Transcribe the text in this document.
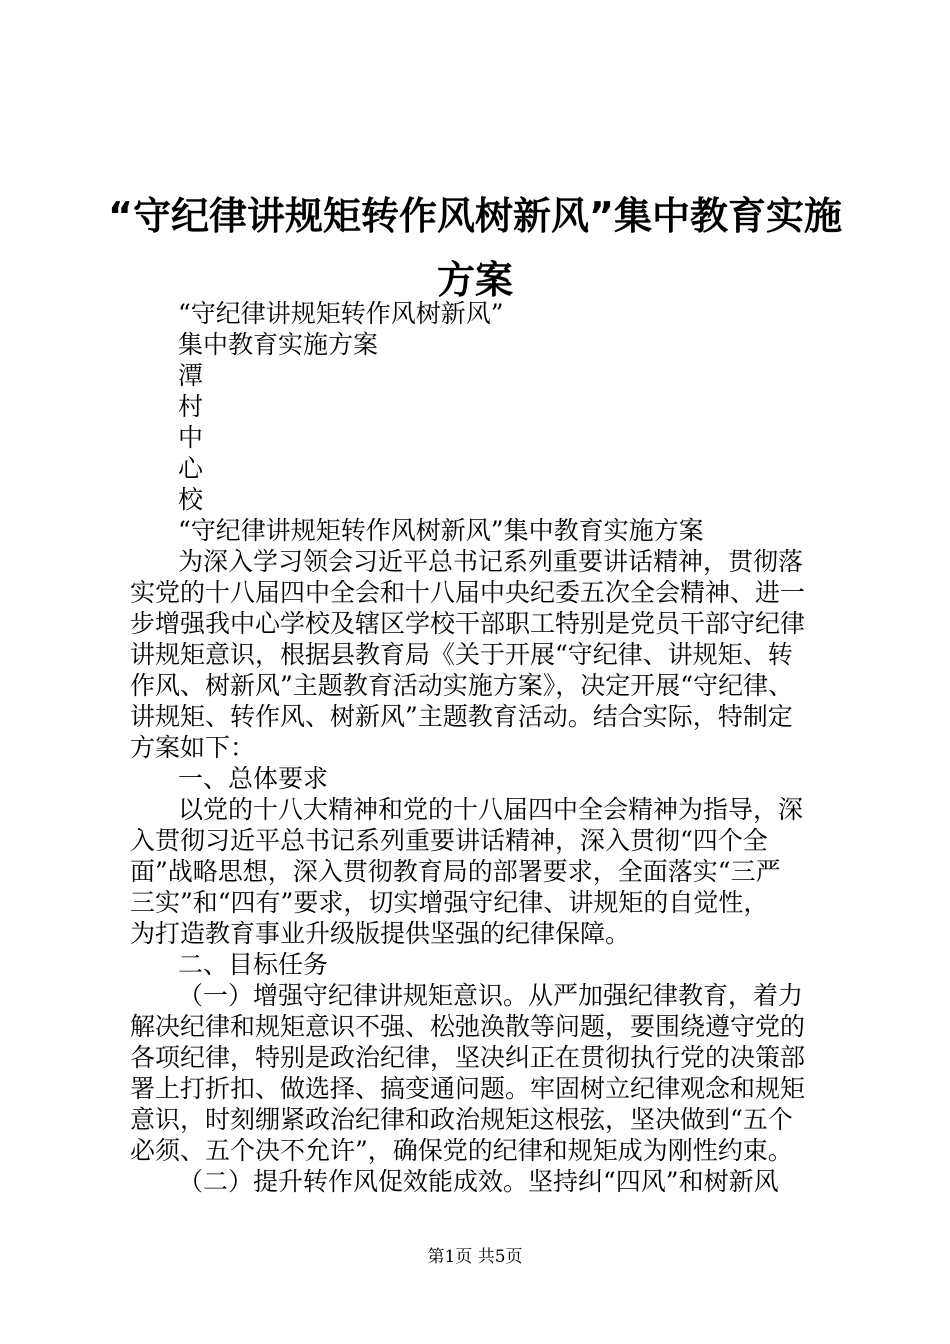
“守纪律讲规矩转作风树新风”集中教育实施
方案
“守纪律讲规矩转作风树新风”
集中教育实施方案
潭
村
中
心
校
“守纪律讲规矩转作风树新风”集中教育实施方案
为深入学习领会习近平总书记系列重要讲话精神，贯彻落
实党的十八届四中全会和十八届中央纪委五次全会精神、进一
步增强我中心学校及辖区学校干部职工特别是党员干部守纪律
讲规矩意识，根据县教育局《关于开展“守纪律、讲规矩、转
作风、树新风”主题教育活动实施方案》，决定开展“守纪律、
讲规矩、转作风、树新风”主题教育活动。结合实际，特制定
方案如下：
一、总体要求
以党的十八大精神和党的十八届四中全会精神为指导，深
入贯彻习近平总书记系列重要讲话精神，深入贯彻“四个全
面”战略思想，深入贯彻教育局的部署要求，全面落实“三严
三实”和“四有”要求，切实增强守纪律、讲规矩的自觉性，
为打造教育事业升级版提供坚强的纪律保障。
二、目标任务
（一）增强守纪律讲规矩意识。从严加强纪律教育，着力
解决纪律和规矩意识不强、松弛涣散等问题，要围绕遵守党的
各项纪律，特别是政治纪律，坚决纠正在贯彻执行党的决策部
署上打折扣、做选择、搞变通问题。牢固树立纪律观念和规矩
意识，时刻绷紧政治纪律和政治规矩这根弦，坚决做到“五个
必须、五个决不允许”，确保党的纪律和规矩成为刚性约束。
（二）提升转作风促效能成效。坚持纠“四风”和树新风
第1页 共5页
